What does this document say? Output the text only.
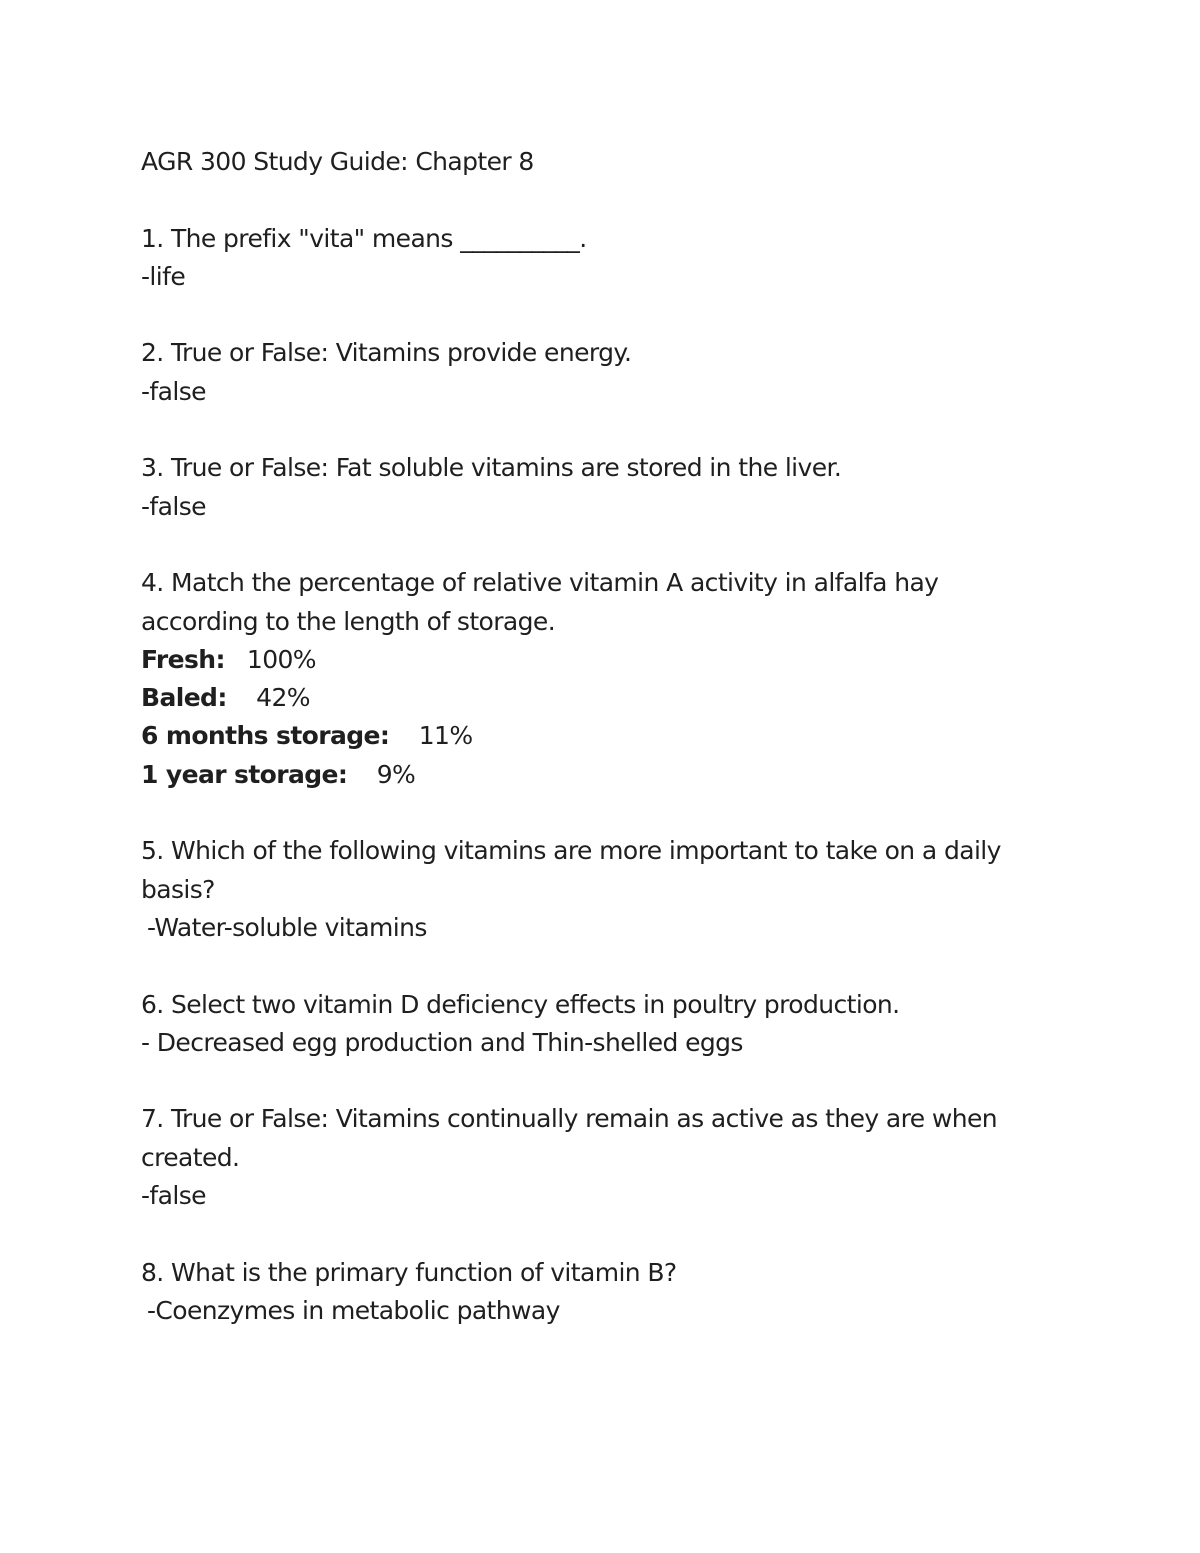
AGR 300 Study Guide: Chapter 8

1. The prefix "vita" means __________.

-life

2. True or False: Vitamins provide energy.

-false

3. True or False: Fat soluble vitamins are stored in the liver.

-false

4. Match the percentage of relative vitamin A activity in alfalfa hay

according to the length of storage.

Fresh: 100%

Baled: 42%

6 months storage: 11%

1 year storage: 9%

5. Which of the following vitamins are more important to take on a daily

basis?

-Water-soluble vitamins

6. Select two vitamin D deficiency effects in poultry production.

- Decreased egg production and Thin-shelled eggs

7. True or False: Vitamins continually remain as active as they are when

created.

-false

8. What is the primary function of vitamin B?

-Coenzymes in metabolic pathway
